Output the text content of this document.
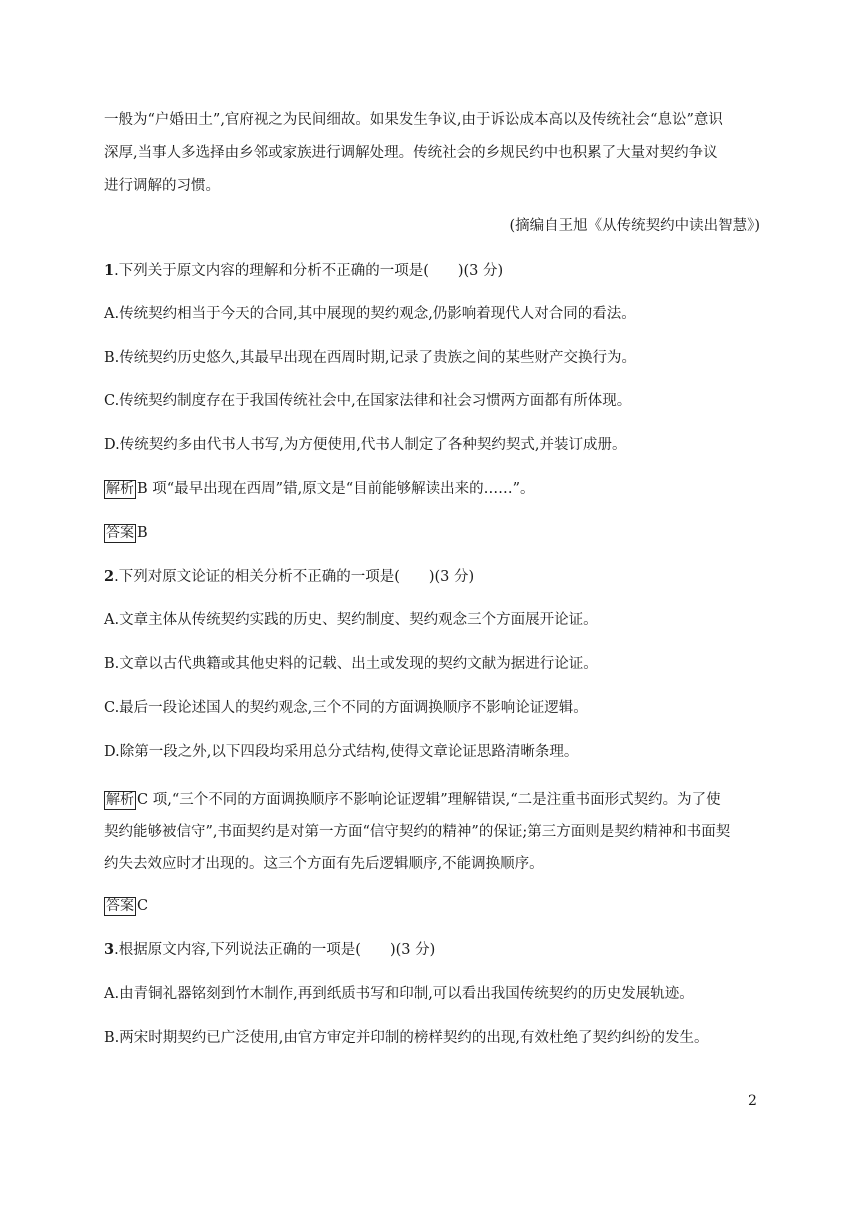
一般为“户婚田土”,官府视之为民间细故。如果发生争议,由于诉讼成本高以及传统社会“息讼”意识
深厚,当事人多选择由乡邻或家族进行调解处理。传统社会的乡规民约中也积累了大量对契约争议
进行调解的习惯。
(摘编自王旭《从传统契约中读出智慧》)
1.下列关于原文内容的理解和分析不正确的一项是(　　)(3 分)
A.传统契约相当于今天的合同,其中展现的契约观念,仍影响着现代人对合同的看法。
B.传统契约历史悠久,其最早出现在西周时期,记录了贵族之间的某些财产交换行为。
C.传统契约制度存在于我国传统社会中,在国家法律和社会习惯两方面都有所体现。
D.传统契约多由代书人书写,为方便使用,代书人制定了各种契约契式,并装订成册。
解析 B 项“最早出现在西周”错,原文是“目前能够解读出来的……”。
答案 B
2.下列对原文论证的相关分析不正确的一项是(　　)(3 分)
A.文章主体从传统契约实践的历史、契约制度、契约观念三个方面展开论证。
B.文章以古代典籍或其他史料的记载、出土或发现的契约文献为据进行论证。
C.最后一段论述国人的契约观念,三个不同的方面调换顺序不影响论证逻辑。
D.除第一段之外,以下四段均采用总分式结构,使得文章论证思路清晰条理。
解析 C 项,“三个不同的方面调换顺序不影响论证逻辑”理解错误,“二是注重书面形式契约。为了使
契约能够被信守”,书面契约是对第一方面“信守契约的精神”的保证;第三方面则是契约精神和书面契
约失去效应时才出现的。这三个方面有先后逻辑顺序,不能调换顺序。
答案 C
3.根据原文内容,下列说法正确的一项是(　　)(3 分)
A.由青铜礼器铭刻到竹木制作,再到纸质书写和印制,可以看出我国传统契约的历史发展轨迹。
B.两宋时期契约已广泛使用,由官方审定并印制的榜样契约的出现,有效杜绝了契约纠纷的发生。
2
